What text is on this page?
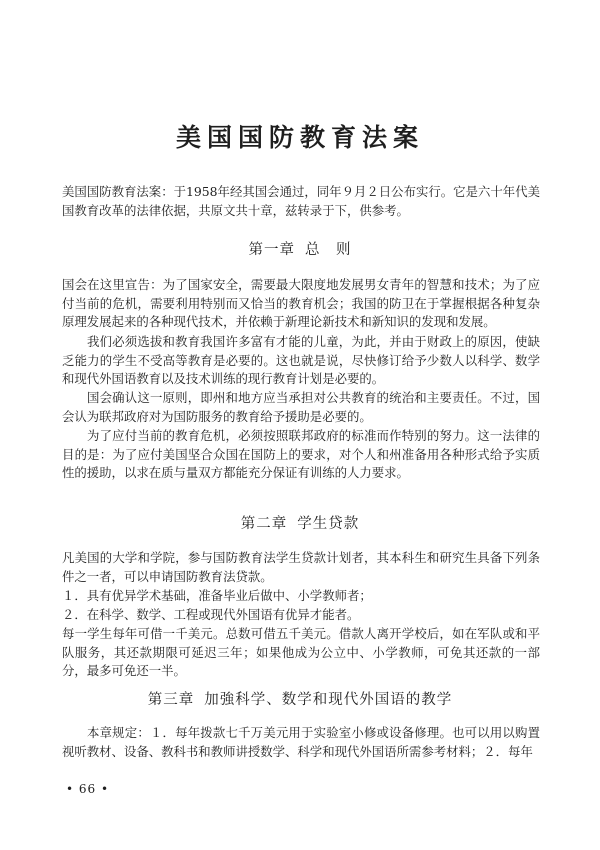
美国国防教育法案

美国国防教育法案：于1958年经其国会通过，同年９月２日公布实行。它是六十年代美国教育改革的法律依据，共原文共十章，兹转录于下，供参考。

第一章 总　则

国会在这里宣告：为了国家安全，需要最大限度地发展男女青年的智慧和技术；为了应付当前的危机，需要利用特别而又恰当的教育机会；我国的防卫在于掌握根据各种复杂原理发展起来的各种现代技术，并依赖于新理论新技术和新知识的发现和发展。

我们必须选拔和教育我国许多富有才能的儿童，为此，并由于财政上的原因，使缺乏能力的学生不受高等教育是必要的。这也就是说，尽快修订给予少数人以科学、数学和现代外国语教育以及技术训练的现行教育计划是必要的。

国会确认这一原则，即州和地方应当承担对公共教育的统治和主要责任。不过，国会认为联邦政府对为国防服务的教育给予援助是必要的。

为了应付当前的教育危机，必须按照联邦政府的标准而作特别的努力。这一法律的目的是：为了应付美国坚合众国在国防上的要求，对个人和州准备用各种形式给予实质性的援助，以求在质与量双方都能充分保证有训练的人力要求。

第二章 学生贷款

凡美国的大学和学院，参与国防教育法学生贷款计划者，其本科生和研究生具备下列条件之一者，可以申请国防教育法贷款。

１．具有优异学术基础，准备毕业后做中、小学教师者；

２．在科学、数学、工程或现代外国语有优异才能者。

每一学生每年可借一千美元。总数可借五千美元。借款人离开学校后，如在军队或和平队服务，其还款期限可延迟三年；如果他成为公立中、小学教师，可免其还款的一部分，最多可免还一半。

第三章 加強科学、数学和现代外国语的教学

本章规定：１．每年拨款七千万美元用于实验室小修或设备修理。也可以用以购置视听教材、设备、教科书和教师讲授数学、科学和现代外国语所需参考材料；２．每年

• 66 •
